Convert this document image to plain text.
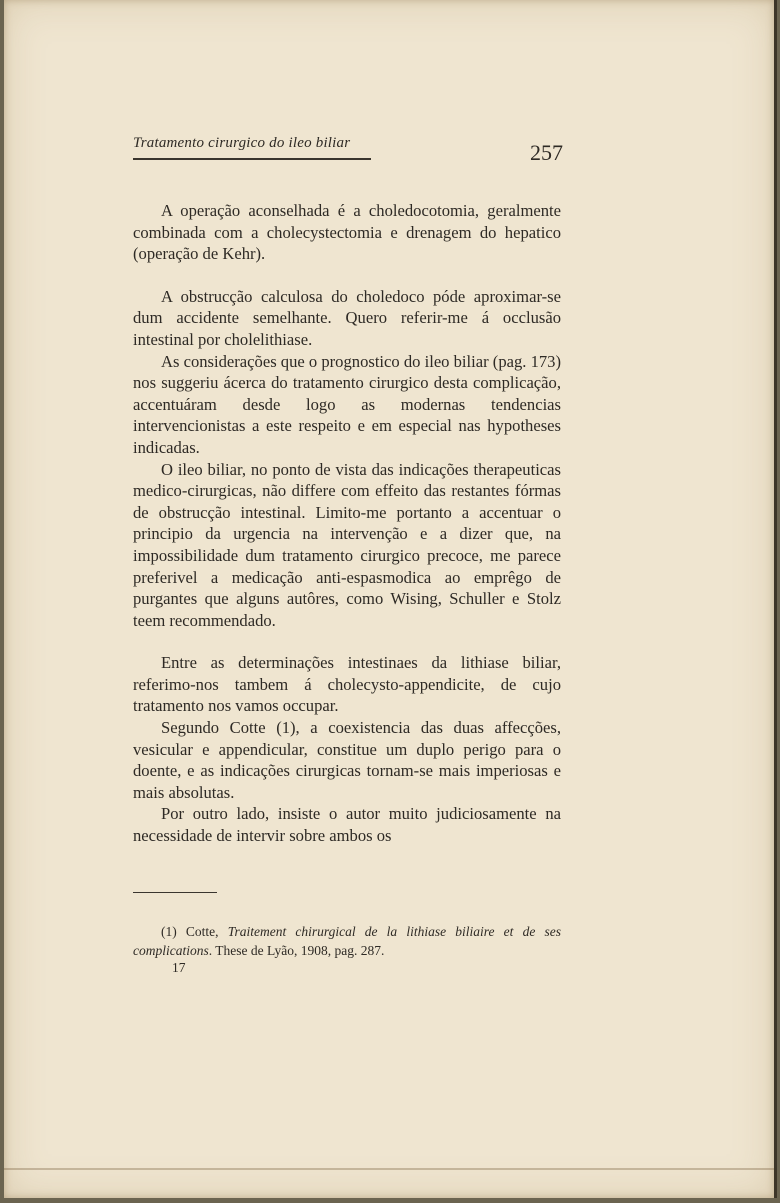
Tratamento cirurgico do ileo biliar	257

A operação aconselhada é a choledocotomia, geralmente combinada com a cholecystectomia e drenagem do hepatico (operação de Kehr).

A obstrucção calculosa do choledoco póde aproximar-se dum accidente semelhante. Quero referir-me á occlusão intestinal por cholelithiase.

As considerações que o prognostico do ileo biliar (pag. 173) nos suggeriu ácerca do tratamento cirurgico desta complicação, accentuáram desde logo as modernas tendencias intervencionistas a este respeito e em especial nas hypotheses indicadas.

O ileo biliar, no ponto de vista das indicações therapeuticas medico-cirurgicas, não differe com effeito das restantes fórmas de obstrucção intestinal. Limito-me portanto a accentuar o principio da urgencia na intervenção e a dizer que, na impossibilidade dum tratamento cirurgico precoce, me parece preferivel a medicação anti-espasmodica ao emprêgo de purgantes que alguns autôres, como Wising, Schuller e Stolz teem recommendado.

Entre as determinações intestinaes da lithiase biliar, referimo-nos tambem á cholecysto-appendicite, de cujo tratamento nos vamos occupar.

Segundo Cotte (1), a coexistencia das duas affecções, vesicular e appendicular, constitue um duplo perigo para o doente, e as indicações cirurgicas tornam-se mais imperiosas e mais absolutas.

Por outro lado, insiste o autor muito judiciosamente na necessidade de intervir sobre ambos os

(1) Cotte, Traitement chirurgical de la lithiase biliaire et de ses complications. These de Lyão, 1908, pag. 287.
17
